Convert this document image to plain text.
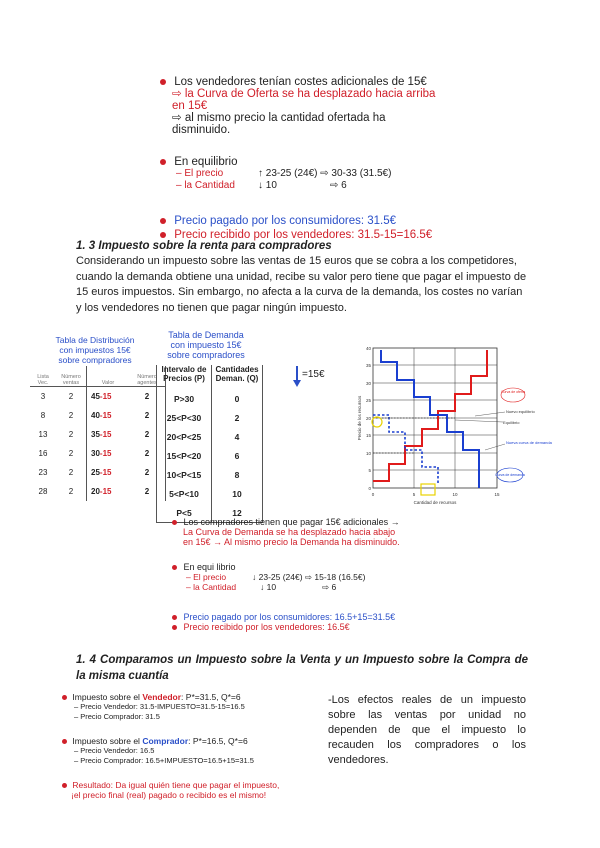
Los vendedores tenían costes adicionales de 15€
⇨ la Curva de Oferta se ha desplazado hacia arriba
en 15€
⇨ al mismo precio la cantidad ofertada ha
disminuido.
En equilibrio
– El precio	↑ 23-25 (24€) ⇨ 30-33 (31.5€)
– la Cantidad ↓ 10	⇨ 6
Precio pagado por los consumidores: 31.5€
Precio recibido por los vendedores: 31.5-15=16.5€
1. 3 Impuesto sobre la renta para compradores
Considerando un impuesto sobre las ventas de 15 euros que se cobra a los competidores, cuando la demanda obtiene una unidad, recibe su valor pero tiene que pagar el impuesto de 15 euros impuestos. Sin embargo, no afecta a la curva de la demanda, los costes no varían y los vendedores no tienen que pagar ningún impuesto.
Tabla de Distribución
con impuestos 15€
sobre compradores
Lista Vec.	Número ventas	Valor	Número agentes
3	2	45-15	2
8	2	40-15	2
13	2	35-15	2
16	2	30-15	2
23	2	25-15	2
28	2	20-15	2
Tabla de Demanda
con impuesto 15€
sobre compradores
Intervalo de Precios (P)	Cantidades Deman. (Q)
P>30	0
25<P<30	2
20<P<25	4
15<P<20	6
10<P<15	8
5<P<10	10
P<5	12
=15€
40
35
30
25
20
15
10
5
0
0	5	10	15
Cantidad de recursos
Precio de los recursos
Curva de oferta
Nuevo equilibrio
Equilibrio
Nueva curva de demanda
Curva de demanda
Los compradores tienen que pagar 15€ adicionales →
La Curva de Demanda se ha desplazado hacia abajo
en 15€ → Al mismo precio la Demanda ha disminuido.
En equi librio
– El precio	↓ 23-25 (24€) ⇨ 15-18 (16.5€)
– la Cantidad	↓ 10	⇨ 6
Precio pagado por los consumidores: 16.5+15=31.5€
Precio recibido por los vendedores: 16.5€
1. 4 Comparamos un Impuesto sobre la Venta y un Impuesto sobre la Compra de la misma cuantía
Impuesto sobre el Vendedor: P*=31.5, Q*=6
– Precio Vendedor: 31.5-IMPUESTO=31.5-15=16.5
– Precio Comprador: 31.5
Impuesto sobre el Comprador: P*=16.5, Q*=6
– Precio Vendedor: 16.5
– Precio Comprador: 16.5+IMPUESTO=16.5+15=31.5
Resultado: Da igual quién tiene que pagar el impuesto,
¡el precio final (real) pagado o recibido es el mismo!
-Los efectos reales de un impuesto sobre las ventas por unidad no dependen de que el impuesto lo recauden los compradores o los vendedores.
